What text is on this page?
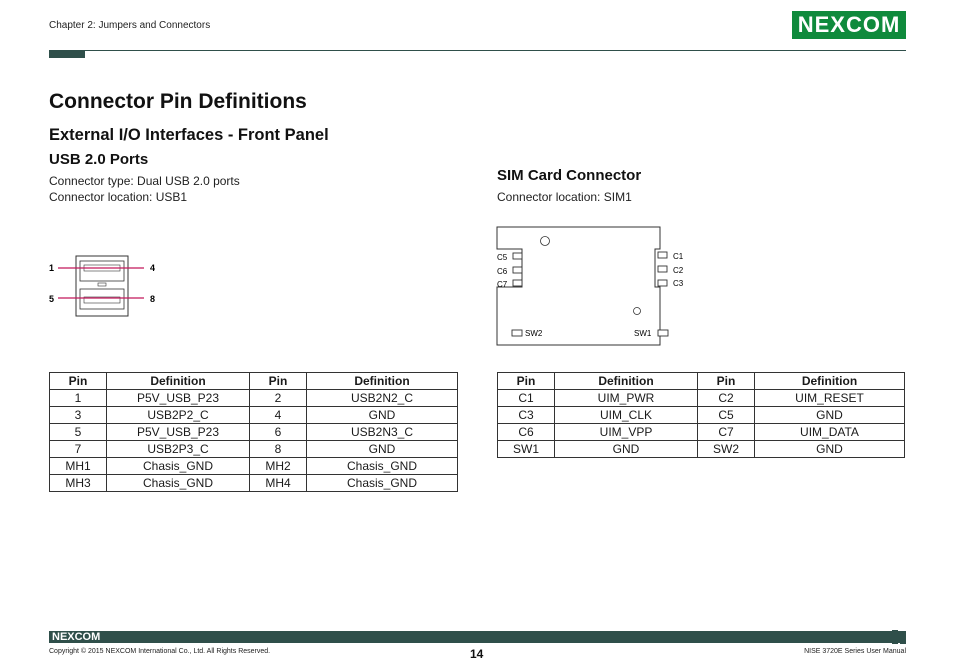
Chapter 2: Jumpers and Connectors	NEXCOM
Connector Pin Definitions
External I/O Interfaces - Front Panel
USB 2.0 Ports
Connector type: Dual USB 2.0 ports
Connector location: USB1
1	4
5	8
Pin	Definition	Pin	Definition
1	P5V_USB_P23	2	USB2N2_C
3	USB2P2_C	4	GND
5	P5V_USB_P23	6	USB2N3_C
7	USB2P3_C	8	GND
MH1	Chasis_GND	MH2	Chasis_GND
MH3	Chasis_GND	MH4	Chasis_GND
SIM Card Connector
Connector location: SIM1
C5
C6
C7
C1
C2
C3
SW2	SW1
Pin	Definition	Pin	Definition
C1	UIM_PWR	C2	UIM_RESET
C3	UIM_CLK	C5	GND
C6	UIM_VPP	C7	UIM_DATA
SW1	GND	SW2	GND
NEXCOM
Copyright © 2015 NEXCOM International Co., Ltd. All Rights Reserved.	14	NISE 3720E Series User Manual
